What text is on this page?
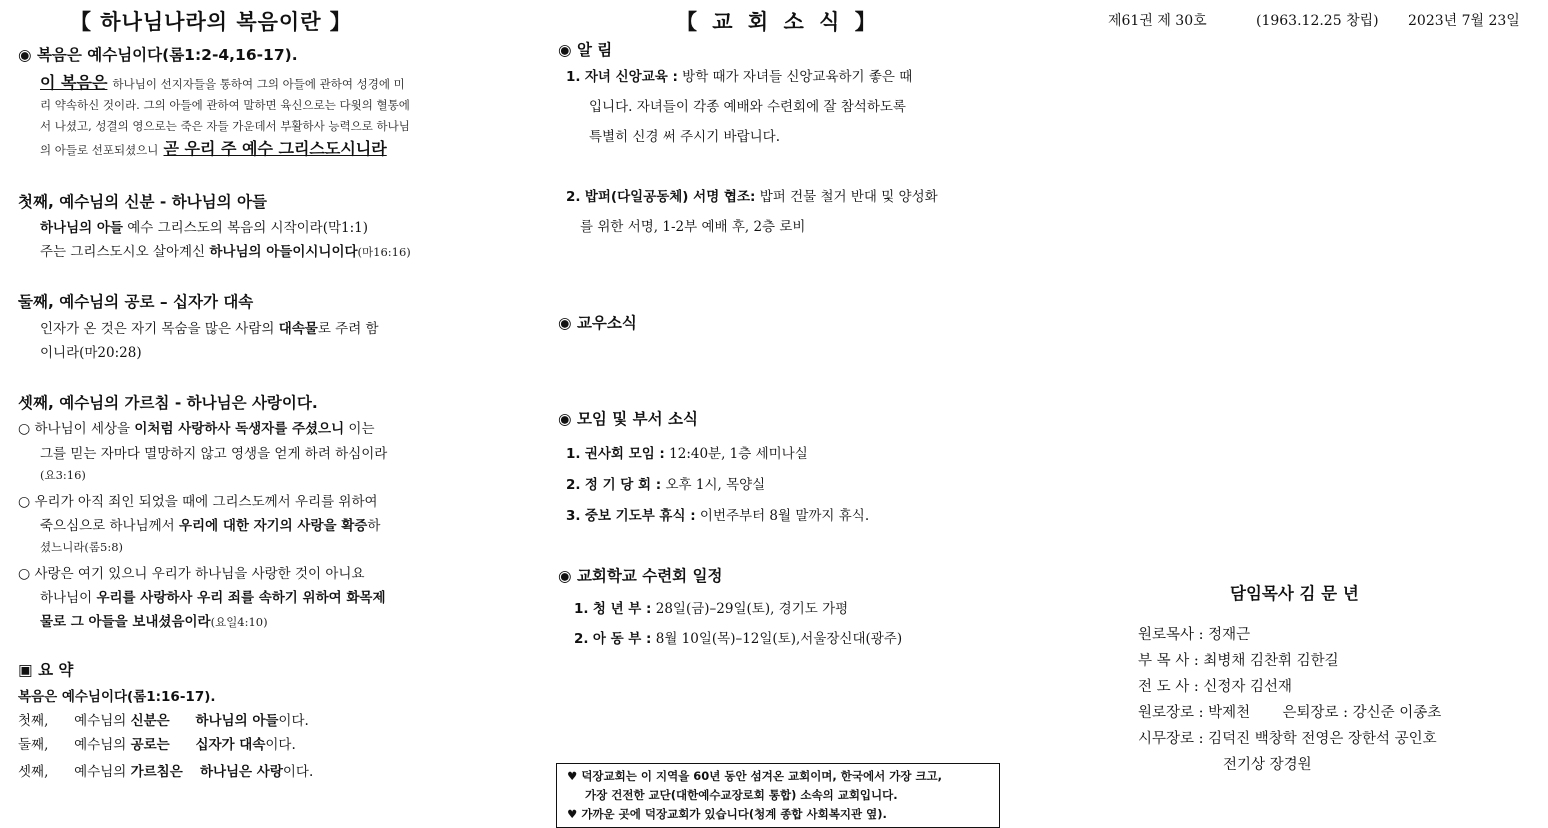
【 하나님나라의 복음이란 】
◉ 복음은 예수님이다(롬1:2-4,16-17).
이 복음은 하나님이 선지자들을 통하여 그의 아들에 관하여 성경에 미
리 약속하신 것이라. 그의 아들에 관하여 말하면 육신으로는 다윗의 혈통에
서 나셨고, 성결의 영으로는 죽은 자들 가운데서 부활하사 능력으로 하나님
의 아들로 선포되셨으니 곧 우리 주 예수 그리스도시니라
첫째, 예수님의 신분 - 하나님의 아들
하나님의 아들 예수 그리스도의 복음의 시작이라(막1:1)
주는 그리스도시오 살아계신 하나님의 아들이시니이다(마16:16)
둘째, 예수님의 공로 – 십자가 대속
인자가 온 것은 자기 목숨을 많은 사람의 대속물로 주려 함
이니라(마20:28)
셋째, 예수님의 가르침 - 하나님은 사랑이다.
○ 하나님이 세상을 이처럼 사랑하사 독생자를 주셨으니 이는
그를 믿는 자마다 멸망하지 않고 영생을 얻게 하려 하심이라
(요3:16)
○ 우리가 아직 죄인 되었을 때에 그리스도께서 우리를 위하여
죽으심으로 하나님께서 우리에 대한 자기의 사랑을 확증하
셨느니라(롬5:8)
○ 사랑은 여기 있으니 우리가 하나님을 사랑한 것이 아니요
하나님이 우리를 사랑하사 우리 죄를 속하기 위하여 화목제
물로 그 아들을 보내셨음이라(요일4:10)
▣ 요 약
복음은 예수님이다(롬1:16-17).
첫째, 예수님의 신분은 하나님의 아들이다.
둘째, 예수님의 공로는 십자가 대속이다.
셋째, 예수님의 가르침은 하나님은 사랑이다.
【 교 회 소 식 】
◉ 알 림
1. 자녀 신앙교육 : 방학 때가 자녀들 신앙교육하기 좋은 때
입니다. 자녀들이 각종 예배와 수련회에 잘 참석하도록
특별히 신경 써 주시기 바랍니다.
2. 밥퍼(다일공동체) 서명 협조: 밥퍼 건물 철거 반대 및 양성화
를 위한 서명, 1-2부 예배 후, 2층 로비
◉ 교우소식
◉ 모임 및 부서 소식
1. 권사회 모임 : 12:40분, 1층 세미나실
2. 정 기 당 회 : 오후 1시, 목양실
3. 중보 기도부 휴식 : 이번주부터 8월 말까지 휴식.
◉ 교회학교 수련회 일정
1. 청 년 부 : 28일(금)–29일(토), 경기도 가평
2. 아 동 부 : 8월 10일(목)–12일(토),서울장신대(광주)
♥ 덕장교회는 이 지역을 60년 동안 섬겨온 교회이며, 한국에서 가장 크고,
가장 건전한 교단(대한예수교장로회 통합) 소속의 교회입니다.
♥ 가까운 곳에 덕장교회가 있습니다(청계 종합 사회복지관 옆).
제61권 제 30호	(1963.12.25 창립) 2023년 7월 23일
담임목사 김 문 년
원로목사 : 정재근
부 목 사 : 최병채 김찬휘 김한길
전 도 사 : 신정자 김선재
원로장로 : 박제천 은퇴장로 : 강신준 이종초
시무장로 : 김덕진 백창학 전영은 장한석 공인호
전기상 장경원
